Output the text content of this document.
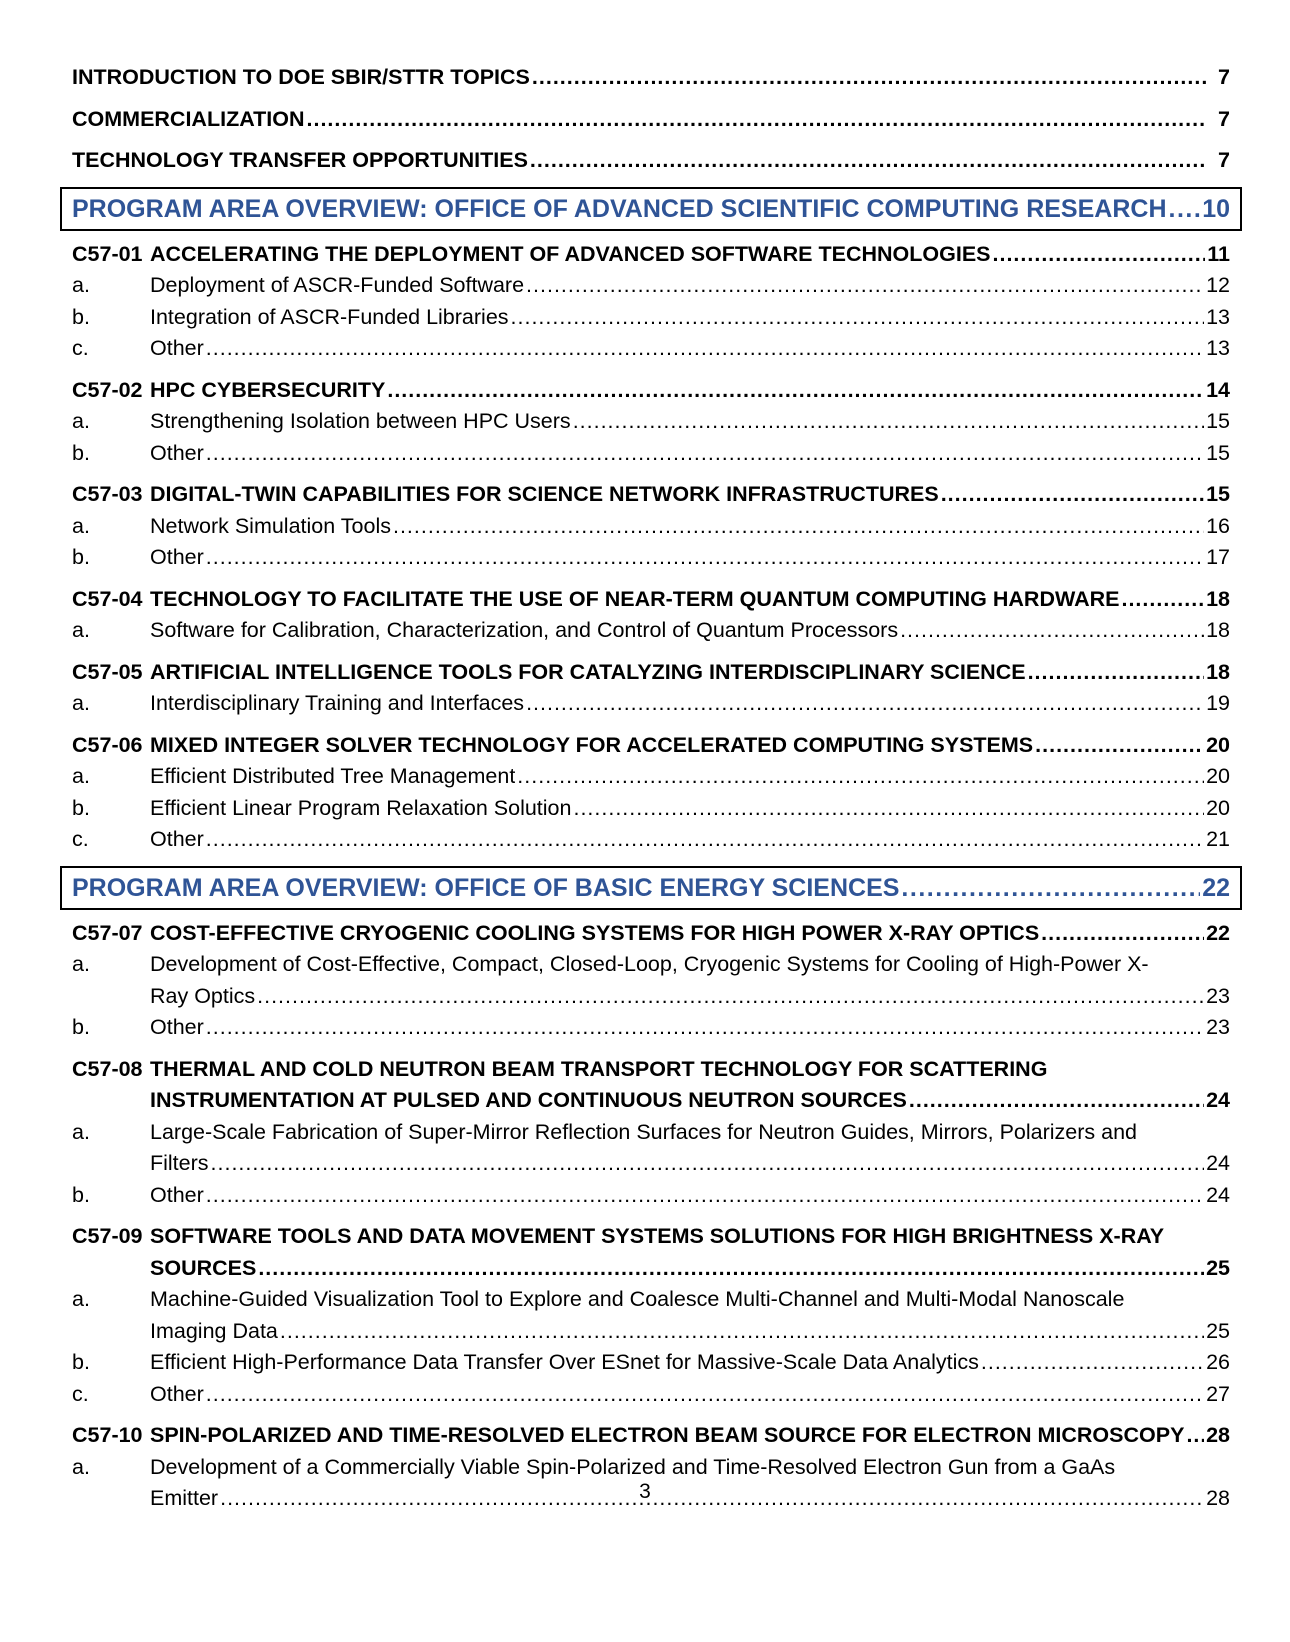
INTRODUCTION TO DOE SBIR/STTR TOPICS .....	7
COMMERCIALIZATION .....	7
TECHNOLOGY TRANSFER OPPORTUNITIES .....	7
PROGRAM AREA OVERVIEW: OFFICE OF ADVANCED SCIENTIFIC COMPUTING RESEARCH ..... 10
C57-01 ACCELERATING THE DEPLOYMENT OF ADVANCED SOFTWARE TECHNOLOGIES .....	11
a.	Deployment of ASCR-Funded Software .....	12
b.	Integration of ASCR-Funded Libraries .....	13
c.	Other .....	13
C57-02 HPC CYBERSECURITY .....	14
a.	Strengthening Isolation between HPC Users .....	15
b.	Other .....	15
C57-03 DIGITAL-TWIN CAPABILITIES FOR SCIENCE NETWORK INFRASTRUCTURES .....	15
a.	Network Simulation Tools .....	16
b.	Other .....	17
C57-04 TECHNOLOGY TO FACILITATE THE USE OF NEAR-TERM QUANTUM COMPUTING HARDWARE .....	18
a.	Software for Calibration, Characterization, and Control of Quantum Processors .....	18
C57-05 ARTIFICIAL INTELLIGENCE TOOLS FOR CATALYZING INTERDISCIPLINARY SCIENCE .....	18
a.	Interdisciplinary Training and Interfaces .....	19
C57-06 MIXED INTEGER SOLVER TECHNOLOGY FOR ACCELERATED COMPUTING SYSTEMS .....	20
a.	Efficient Distributed Tree Management .....	20
b.	Efficient Linear Program Relaxation Solution .....	20
c.	Other .....	21
PROGRAM AREA OVERVIEW: OFFICE OF BASIC ENERGY SCIENCES .....	22
C57-07 COST-EFFECTIVE CRYOGENIC COOLING SYSTEMS FOR HIGH POWER X-RAY OPTICS .....	22
a.	Development of Cost-Effective, Compact, Closed-Loop, Cryogenic Systems for Cooling of High-Power X-
Ray Optics .....	23
b.	Other .....	23
C57-08 THERMAL AND COLD NEUTRON BEAM TRANSPORT TECHNOLOGY FOR SCATTERING
INSTRUMENTATION AT PULSED AND CONTINUOUS NEUTRON SOURCES .....	24
a.	Large-Scale Fabrication of Super-Mirror Reflection Surfaces for Neutron Guides, Mirrors, Polarizers and
Filters .....	24
b.	Other .....	24
C57-09 SOFTWARE TOOLS AND DATA MOVEMENT SYSTEMS SOLUTIONS FOR HIGH BRIGHTNESS X-RAY
SOURCES .....	25
a.	Machine-Guided Visualization Tool to Explore and Coalesce Multi-Channel and Multi-Modal Nanoscale
Imaging Data .....	25
b.	Efficient High-Performance Data Transfer Over ESnet for Massive-Scale Data Analytics .....	26
c.	Other .....	27
C57-10 SPIN-POLARIZED AND TIME-RESOLVED ELECTRON BEAM SOURCE FOR ELECTRON MICROSCOPY ..... 28
a.	Development of a Commercially Viable Spin-Polarized and Time-Resolved Electron Gun from a GaAs
Emitter .....	28
3
